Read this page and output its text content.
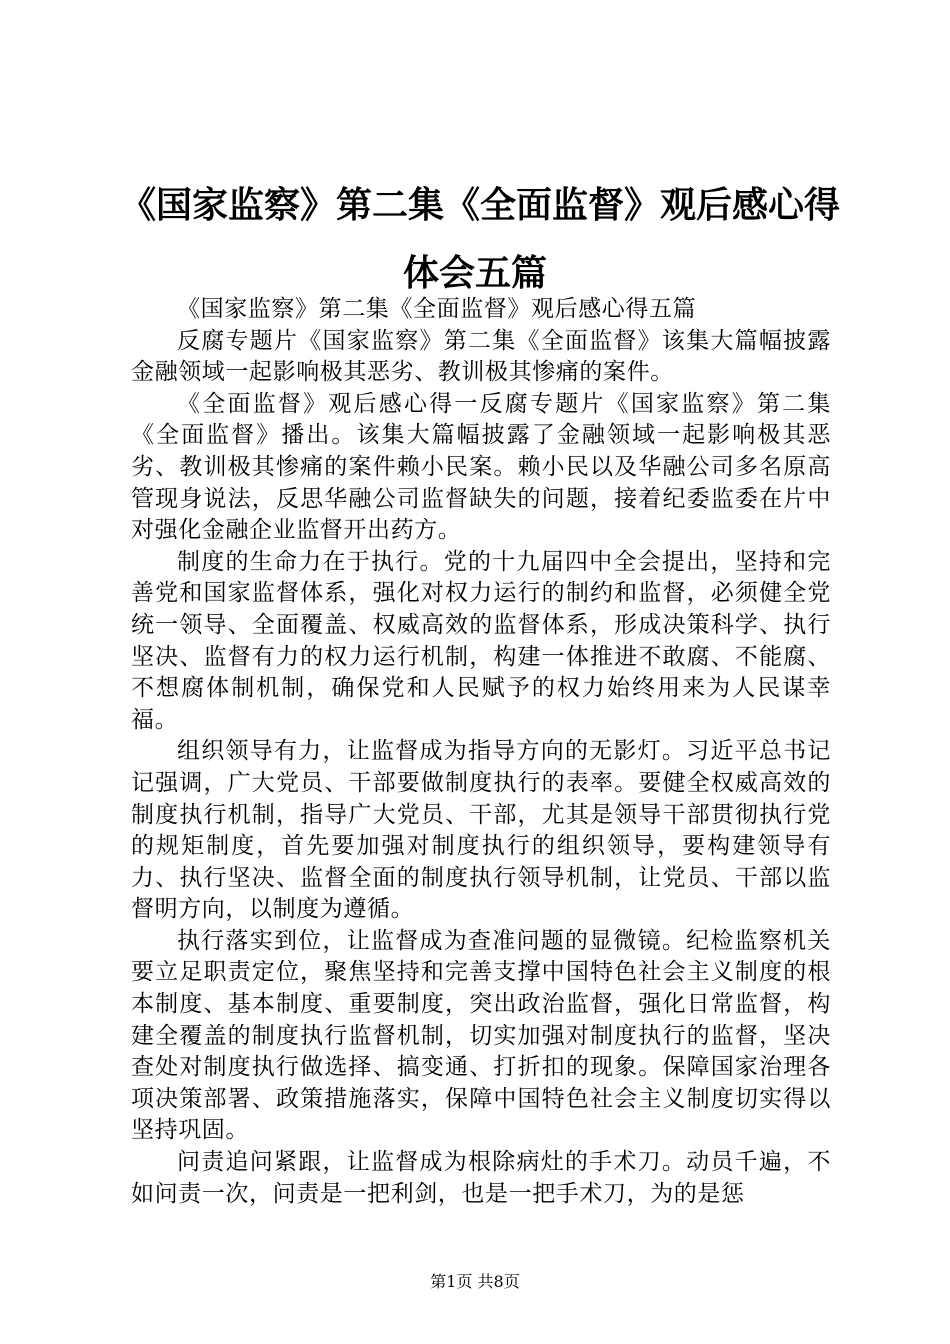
《国家监察》第二集《全面监督》观后感心得
体会五篇

《国家监察》第二集《全面监督》观后感心得五篇

反腐专题片《国家监察》第二集《全面监督》该集大篇幅披露金融领域一起影响极其恶劣、教训极其惨痛的案件。

《全面监督》观后感心得一反腐专题片《国家监察》第二集《全面监督》播出。该集大篇幅披露了金融领域一起影响极其恶劣、教训极其惨痛的案件赖小民案。赖小民以及华融公司多名原高管现身说法，反思华融公司监督缺失的问题，接着纪委监委在片中对强化金融企业监督开出药方。

制度的生命力在于执行。党的十九届四中全会提出，坚持和完善党和国家监督体系，强化对权力运行的制约和监督，必须健全党统一领导、全面覆盖、权威高效的监督体系，形成决策科学、执行坚决、监督有力的权力运行机制，构建一体推进不敢腐、不能腐、不想腐体制机制，确保党和人民赋予的权力始终用来为人民谋幸福。

组织领导有力，让监督成为指导方向的无影灯。习近平总书记记强调，广大党员、干部要做制度执行的表率。要健全权威高效的制度执行机制，指导广大党员、干部，尤其是领导干部贯彻执行党的规矩制度，首先要加强对制度执行的组织领导，要构建领导有力、执行坚决、监督全面的制度执行领导机制，让党员、干部以监督明方向，以制度为遵循。

执行落实到位，让监督成为查准问题的显微镜。纪检监察机关要立足职责定位，聚焦坚持和完善支撑中国特色社会主义制度的根本制度、基本制度、重要制度，突出政治监督，强化日常监督，构建全覆盖的制度执行监督机制，切实加强对制度执行的监督，坚决查处对制度执行做选择、搞变通、打折扣的现象。保障国家治理各项决策部署、政策措施落实，保障中国特色社会主义制度切实得以坚持巩固。

问责追问紧跟，让监督成为根除病灶的手术刀。动员千遍，不如问责一次，问责是一把利剑，也是一把手术刀，为的是惩

第1页 共8页
